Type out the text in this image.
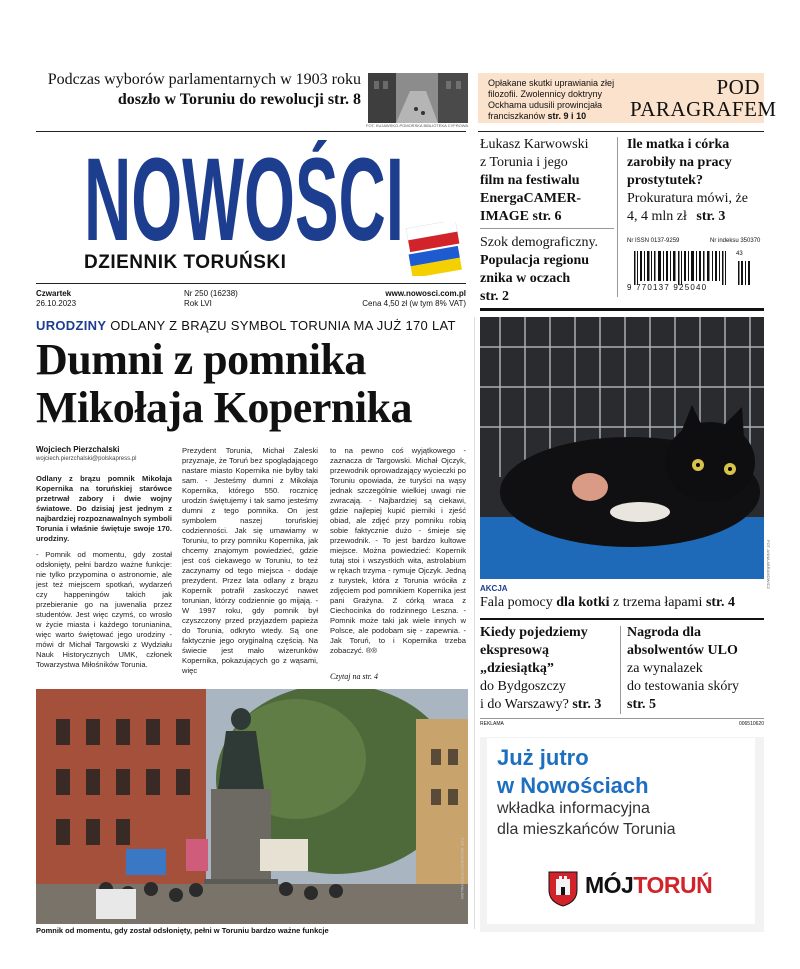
Podczas wyborów parlamentarnych w 1903 roku
doszło w Toruniu do rewolucji str. 8
FOT. KUJAWSKO-POMORSKA BIBLIOTEKA CYFROWA
Opłakane skutki uprawiania złej filozofii. Zwolennicy doktryny Ockhama udusili prowincjała franciszkanów str. 9 i 10
POD
PARAGRAFEM
NOWOŚCI
DZIENNIK TORUŃSKI
Czwartek
26.10.2023
Nr 250 (16238)
Rok LVI
www.nowosci.com.pl
Cena 4,50 zł (w tym 8% VAT)
Łukasz Karwowski
z Torunia i jego
film na festiwalu
EnergaCAMER-
IMAGE str. 6
Ile matka i córka
zarobiły na pracy
prostytutek?
Prokuratura mówi, że
4, 4 mln zł str. 3
Szok demograficzny.
Populacja regionu
znika w oczach
str. 2
Nr ISSN 0137-9259	Nr indeksu 350370
43
9 770137 925040
URODZINY ODLANY Z BRĄZU SYMBOL TORUNIA MA JUŻ 170 LAT
Dumni z pomnika
Mikołaja Kopernika
Wojciech Pierzchalski
wojciech.pierzchalski@polskapress.pl

Odlany z brązu pomnik Mikołaja Kopernika na toruńskiej starówce przetrwał zabory i dwie wojny światowe. Do dzisiaj jest jednym z najbardziej rozpoznawalnych symboli Torunia i właśnie świętuje swoje 170. urodziny.

- Pomnik od momentu, gdy został odsłonięty, pełni bardzo ważne funkcje: nie tylko przypomina o astronomie, ale jest też miejscem spotkań, wydarzeń czy happeningów takich jak przebieranie go na juwenalia przez studentów. Jest więc czymś, co wrosło w życie miasta i każdego torunianina, więc warto świętować jego urodziny - mówi dr Michał Targowski z Wydziału Nauk Historycznych UMK, członek Towarzystwa Miłośników Torunia.

Prezydent Torunia, Michał Zaleski przyznaje, że Toruń bez spoglądającego nastare miasto Kopernika nie byłby taki sam. - Jesteśmy dumni z Mikołaja Kopernika, którego 550. rocznicę urodzin świętujemy i tak samo jesteśmy dumni z tego pomnika. On jest symbolem naszej toruńskiej codzienności. Jak się umawiamy w Toruniu, to przy pomniku Kopernika, jak chcemy znajomym powiedzieć, gdzie jest coś ciekawego w Toruniu, to też zaczynamy od tego miejsca - dodaje prezydent. Przez lata odlany z brązu Kopernik potrafił zaskoczyć nawet torunian, którzy codziennie go mijają. - W 1997 roku, gdy pomnik był czyszczony przed przyjazdem papieża do Torunia, odkryto wtedy. Są one faktycznie jego oryginalną częścią. Na świecie jest mało wizerunków Kopernika, pokazujących go z wąsami, więc

to na pewno coś wyjątkowego - zaznacza dr Targowski. Michał Ojczyk, przewodnik oprowadzający wycieczki po Toruniu opowiada, że turyści na wąsy jednak szczególnie wielkiej uwagi nie zwracają. - Najbardziej są ciekawi, gdzie najlepiej kupić pierniki i zjeść obiad, ale zdjęć przy pomniku robią sobie faktycznie dużo - śmieje się przewodnik. - To jest bardzo kultowe miejsce. Można powiedzieć: Kopernik tutaj stoi i wszystkich wita, astrolabium w rękach trzyma - rymuje Ojczyk. Jedną z turystek, która z Torunia wróciła z zdjęciem pod pomnikiem Kopernika jest pani Grażyna. Z córką wraca z Ciechocinka do rodzinnego Leszna. - Pomnik może taki jak wiele innych w Polsce, ale podobam się - zapewnia. - Jak Toruń, to i Kopernika trzeba zobaczyć. ®®

Czytaj na str. 4
FOT. WOJCIECH PIERZCHALSKI
Pomnik od momentu, gdy został odsłonięty, pełni w Toruniu bardzo ważne funkcje
FOT. ANNA ABRAMOWICZ
AKCJA
Fala pomocy dla kotki z trzema łapami str. 4
Kiedy pojedziemy
ekspresową
„dziesiątką”
do Bydgoszczy
i do Warszawy? str. 3
Nagroda dla
absolwentów ULO
za wynalazek
do testowania skóry
str. 5
REKLAMA	006510620
Już jutro
w Nowościach
wkładka informacyjna
dla mieszkańców Torunia
MÓJTORUŃ
